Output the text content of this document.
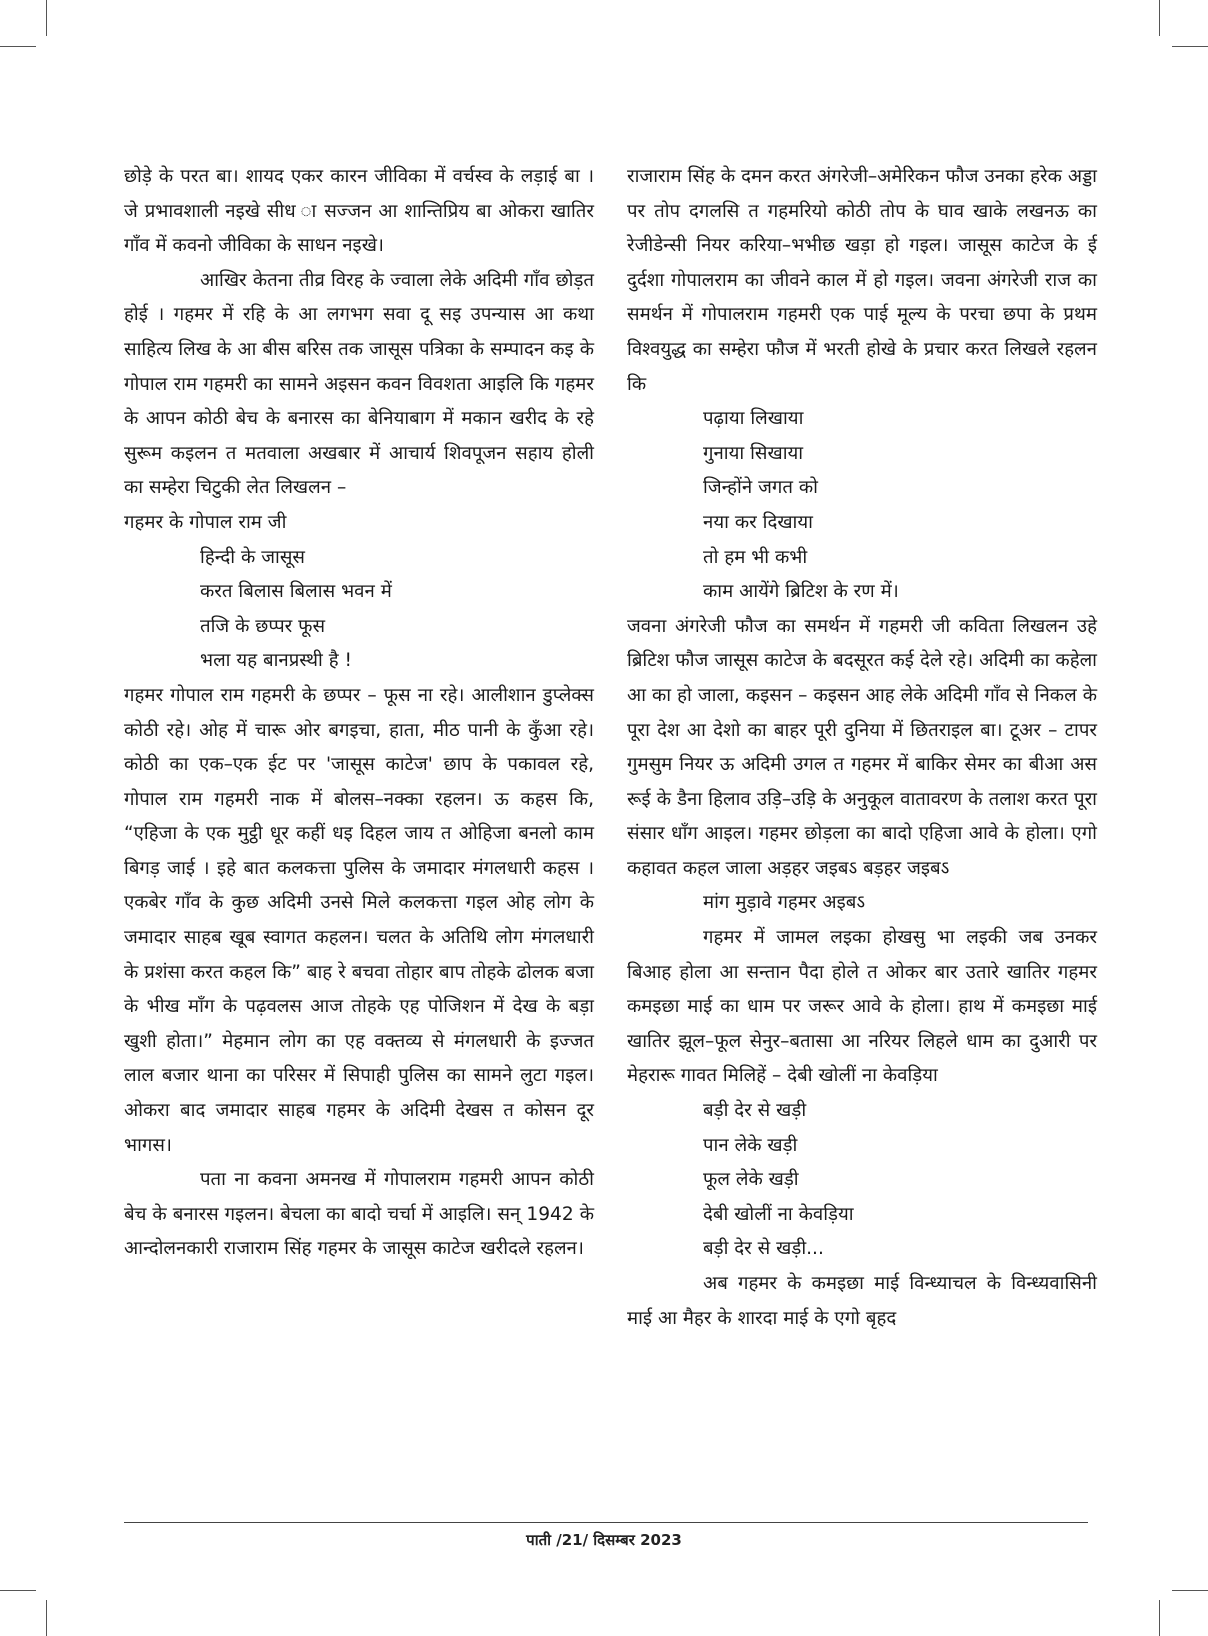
छोड़े के परत बा। शायद एकर कारन जीविका में वर्चस्व के लड़ाई बा । जे प्रभावशाली नइखे सीध ा सज्जन आ शान्तिप्रिय बा ओकरा खातिर गाँव में कवनो जीविका के साधन नइखे।

आखिर केतना तीव्र विरह के ज्वाला लेके अदिमी गाँव छोड़त होई । गहमर में रहि के आ लगभग सवा दू सइ उपन्यास आ कथा साहित्य लिख के आ बीस बरिस तक जासूस पत्रिका के सम्पादन कइ के गोपाल राम गहमरी का सामने अइसन कवन विवशता आइलि कि गहमर के आपन कोठी बेच के बनारस का बेनियाबाग में मकान खरीद के रहे सुरूम कइलन त मतवाला अखबार में आचार्य शिवपूजन सहाय होली का सम्हेरा चिटुकी लेत लिखलन –

गहमर के गोपाल राम जी

हिन्दी के जासूस

करत बिलास बिलास भवन में

तजि के छप्पर फूस

भला यह बानप्रस्थी है !

गहमर गोपाल राम गहमरी के छप्पर – फूस ना रहे। आलीशान डुप्लेक्स कोठी रहे। ओह में चारू ओर बगइचा, हाता, मीठ पानी के कुँआ रहे। कोठी का एक–एक ईट पर 'जासूस काटेज' छाप के पकावल रहे, गोपाल राम गहमरी नाक में बोलस–नक्का रहलन। ऊ कहस कि, “एहिजा के एक मुट्ठी धूर कहीं धइ दिहल जाय त ओहिजा बनलो काम बिगड़ जाई । इहे बात कलकत्ता पुलिस के जमादार मंगलधारी कहस । एकबेर गाँव के कुछ अदिमी उनसे मिले कलकत्ता गइल ओह लोग के जमादार साहब खूब स्वागत कहलन। चलत के अतिथि लोग मंगलधारी के प्रशंसा करत कहल कि” बाह रे बचवा तोहार बाप तोहके ढोलक बजा के भीख माँग के पढ़वलस आज तोहके एह पोजिशन में देख के बड़ा खुशी होता।” मेहमान लोग का एह वक्तव्य से मंगलधारी के इज्जत लाल बजार थाना का परिसर में सिपाही पुलिस का सामने लुटा गइल। ओकरा बाद जमादार साहब गहमर के अदिमी देखस त कोसन दूर भागस।

पता ना कवना अमनख में गोपालराम गहमरी आपन कोठी बेच के बनारस गइलन। बेचला का बादो चर्चा में आइलि। सन् 1942 के आन्दोलनकारी राजाराम सिंह गहमर के जासूस काटेज खरीदले रहलन।

राजाराम सिंह के दमन करत अंगरेजी–अमेरिकन फौज उनका हरेक अड्डा पर तोप दगलसि त गहमरियो कोठी तोप के घाव खाके लखनऊ का रेजीडेन्सी नियर करिया–भभीछ खड़ा हो गइल। जासूस काटेज के ई दुर्दशा गोपालराम का जीवने काल में हो गइल। जवना अंगरेजी राज का समर्थन में गोपालराम गहमरी एक पाई मूल्य के परचा छपा के प्रथम विश्वयुद्ध का सम्हेरा फौज में भरती होखे के प्रचार करत लिखले रहलन कि

पढ़ाया लिखाया

गुनाया सिखाया

जिन्होंने जगत को

नया कर दिखाया

तो हम भी कभी

काम आयेंगे ब्रिटिश के रण में।

जवना अंगरेजी फौज का समर्थन में गहमरी जी कविता लिखलन उहे ब्रिटिश फौज जासूस काटेज के बदसूरत कई देले रहे। अदिमी का कहेला आ का हो जाला, कइसन – कइसन आह लेके अदिमी गाँव से निकल के पूरा देश आ देशो का बाहर पूरी दुनिया में छितराइल बा। टूअर – टापर गुमसुम नियर ऊ अदिमी उगल त गहमर में बाकिर सेमर का बीआ अस रूई के डैना हिलाव उड़ि–उड़ि के अनुकूल वातावरण के तलाश करत पूरा संसार धाँग आइल। गहमर छोड़ला का बादो एहिजा आवे के होला। एगो कहावत कहल जाला अड़हर जइबऽ बड़हर जइबऽ

मांग मुड़ावे गहमर अइबऽ

गहमर में जामल लइका होखसु भा लइकी जब उनकर बिआह होला आ सन्तान पैदा होले त ओकर बार उतारे खातिर गहमर कमइछा माई का धाम पर जरूर आवे के होला। हाथ में कमइछा माई खातिर झूल–फूल सेनुर–बतासा आ नरियर लिहले धाम का दुआरी पर मेहरारू गावत मिलिहें – देबी खोलीं ना केवड़िया

बड़ी देर से खड़ी

पान लेके खड़ी

फूल लेके खड़ी

देबी खोलीं ना केवड़िया

बड़ी देर से खड़ी...

अब गहमर के कमइछा माई विन्ध्याचल के विन्ध्यवासिनी माई आ मैहर के शारदा माई के एगो बृहद

पाती /21/ दिसम्बर 2023
